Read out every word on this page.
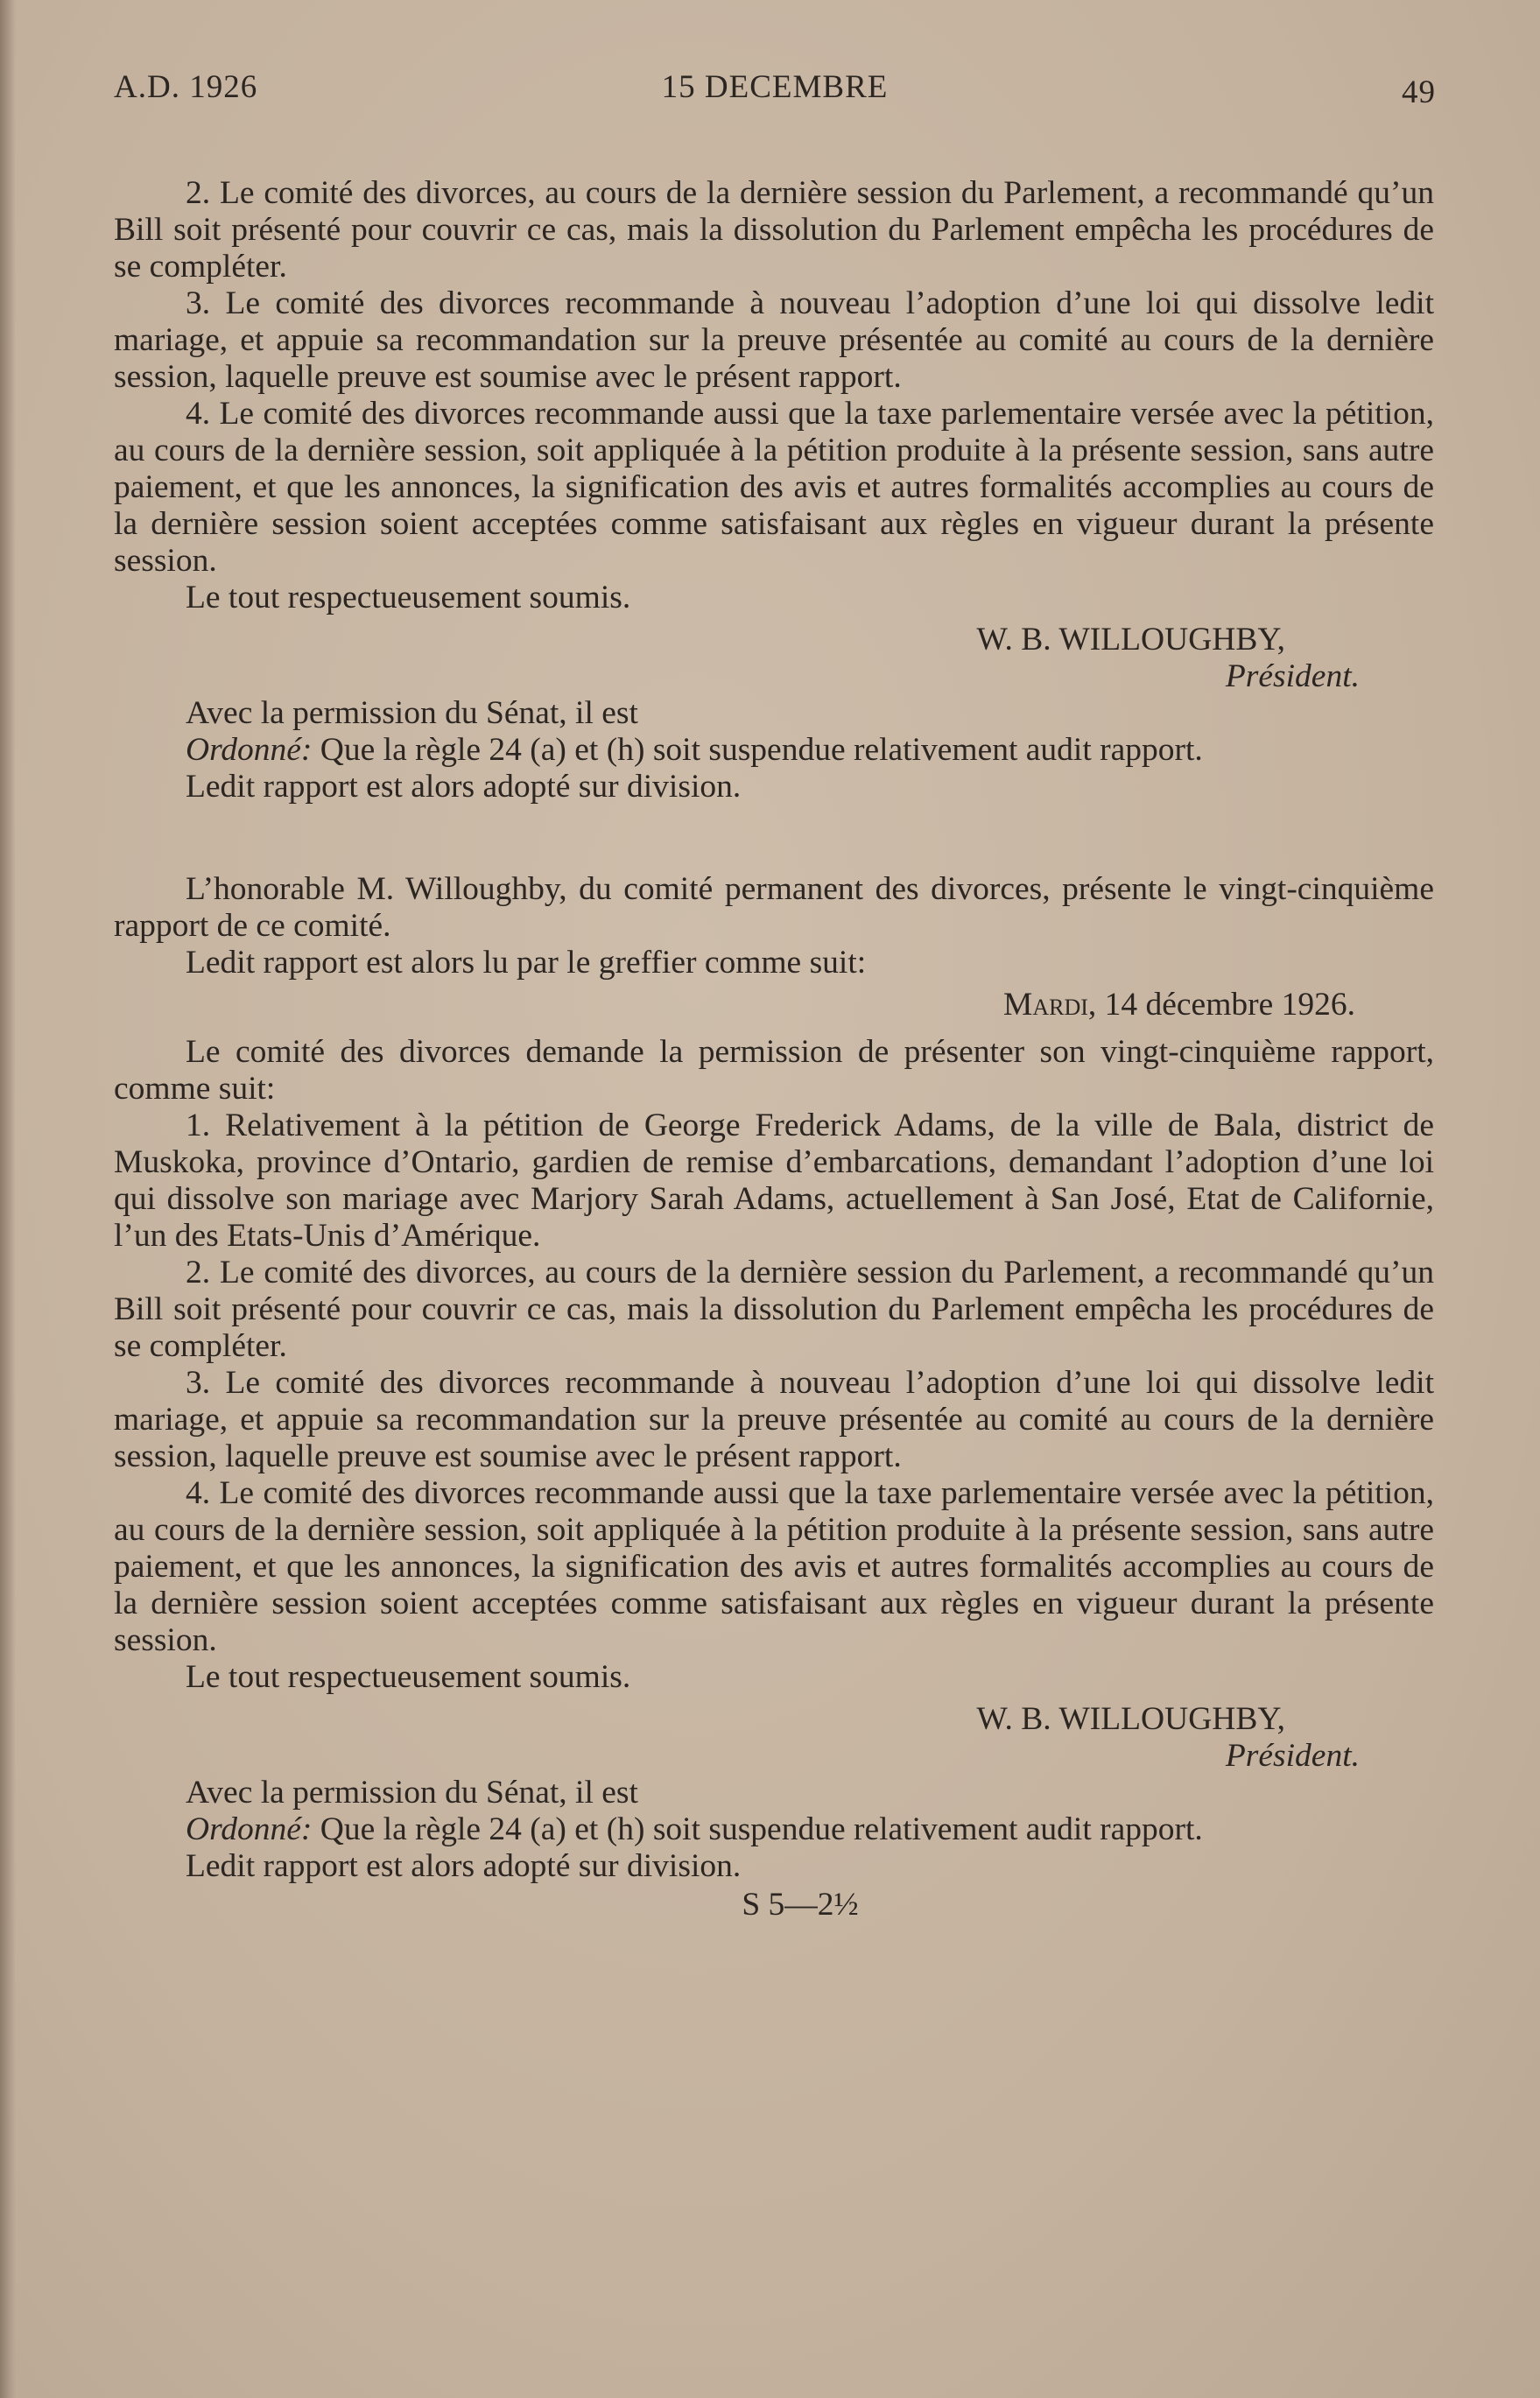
A.D. 1926	15 DECEMBRE	49

2. Le comité des divorces, au cours de la dernière session du Parlement, a recommandé qu’un Bill soit présenté pour couvrir ce cas, mais la dissolution du Parlement empêcha les procédures de se compléter.

3. Le comité des divorces recommande à nouveau l’adoption d’une loi qui dissolve ledit mariage, et appuie sa recommandation sur la preuve présentée au comité au cours de la dernière session, laquelle preuve est soumise avec le présent rapport.

4. Le comité des divorces recommande aussi que la taxe parlementaire versée avec la pétition, au cours de la dernière session, soit appliquée à la pétition produite à la présente session, sans autre paiement, et que les annonces, la signification des avis et autres formalités accomplies au cours de la dernière session soient acceptées comme satisfaisant aux règles en vigueur durant la présente session.

Le tout respectueusement soumis.

W. B. WILLOUGHBY,

Président.

Avec la permission du Sénat, il est

Ordonné: Que la règle 24 (a) et (h) soit suspendue relativement audit rapport.

Ledit rapport est alors adopté sur division.

L’honorable M. Willoughby, du comité permanent des divorces, présente le vingt-cinquième rapport de ce comité.

Ledit rapport est alors lu par le greffier comme suit:

Mardi, 14 décembre 1926.

Le comité des divorces demande la permission de présenter son vingt-cinquième rapport, comme suit:

1. Relativement à la pétition de George Frederick Adams, de la ville de Bala, district de Muskoka, province d’Ontario, gardien de remise d’embarcations, demandant l’adoption d’une loi qui dissolve son mariage avec Marjory Sarah Adams, actuellement à San José, Etat de Californie, l’un des Etats-Unis d’Amérique.

2. Le comité des divorces, au cours de la dernière session du Parlement, a recommandé qu’un Bill soit présenté pour couvrir ce cas, mais la dissolution du Parlement empêcha les procédures de se compléter.

3. Le comité des divorces recommande à nouveau l’adoption d’une loi qui dissolve ledit mariage, et appuie sa recommandation sur la preuve présentée au comité au cours de la dernière session, laquelle preuve est soumise avec le présent rapport.

4. Le comité des divorces recommande aussi que la taxe parlementaire versée avec la pétition, au cours de la dernière session, soit appliquée à la pétition produite à la présente session, sans autre paiement, et que les annonces, la signification des avis et autres formalités accomplies au cours de la dernière session soient acceptées comme satisfaisant aux règles en vigueur durant la présente session.

Le tout respectueusement soumis.

W. B. WILLOUGHBY,

Président.

Avec la permission du Sénat, il est

Ordonné: Que la règle 24 (a) et (h) soit suspendue relativement audit rapport.

Ledit rapport est alors adopté sur division.

S 5—2½
